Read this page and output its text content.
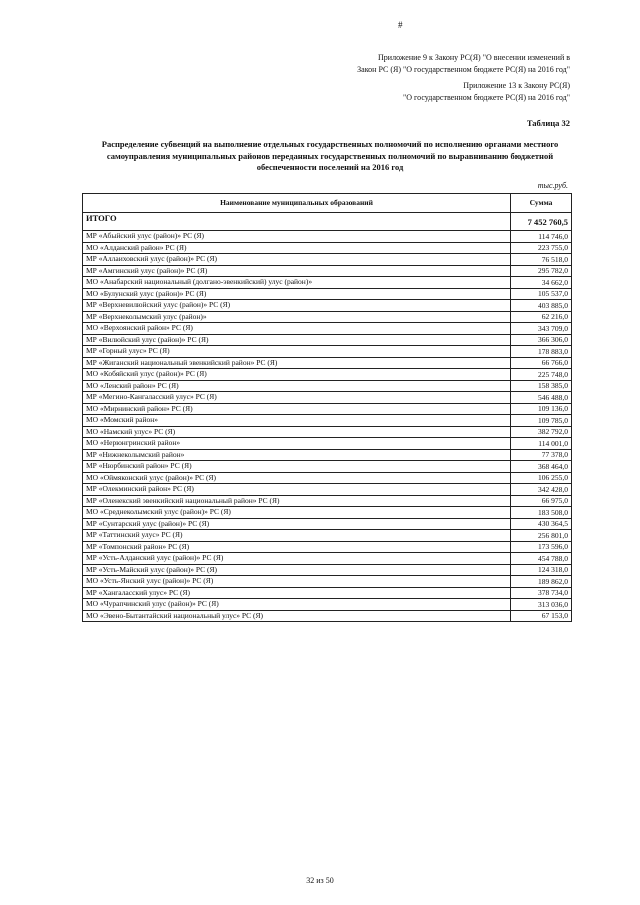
#
Приложение 9 к Закону РС(Я) "О внесении изменений в
Закон РС (Я) "О государственном бюджете РС(Я) на 2016 год"
Приложение 13 к Закону РС(Я)
"О государственном бюджете РС(Я) на 2016 год"
Таблица 32
Распределение субвенций на выполнение отдельных государственных полномочий по исполнению органами местного самоуправления муниципальных районов переданных государственных полномочий по выравниванию бюджетной обеспеченности поселений на 2016 год
тыс.руб.
Наименование муниципальных образований	Сумма
ИТОГО	7 452 760,5
МР «Абыйский улус (район)» РС (Я)	114 746,0
МО «Алданский район» РС (Я)	223 755,0
МР «Аллаиховский улус (район)» РС (Я)	76 518,0
МР «Амгинский улус (район)» РС (Я)	295 782,0
МО «Анабарский национальный (долгано-эвенкийский) улус (район)»	34 662,0
МО «Булунский улус (район)» РС (Я)	105 537,0
МР «Верхневилюйский улус (район)» РС (Я)	403 885,0
МР «Верхнеколымский улус (район)»	62 216,0
МО «Верхоянский район» РС (Я)	343 709,0
МР «Вилюйский улус (район)» РС (Я)	366 306,0
МР «Горный улус» РС (Я)	178 883,0
МР «Жиганский национальный эвенкийский район» РС (Я)	66 766,0
МО «Кобяйский улус (район)» РС (Я)	225 748,0
МО «Ленский район» РС (Я)	158 385,0
МР «Мегино-Кангаласский улус» РС (Я)	546 488,0
МО «Мирнинский район» РС (Я)	109 136,0
МО «Момский район»	109 785,0
МО «Намский улус» РС (Я)	382 792,0
МО «Нерюнгринский район»	114 001,0
МР «Нижнеколымский район»	77 378,0
МР «Нюрбинский район» РС (Я)	368 464,0
МО «Оймяконский улус (район)» РС (Я)	106 255,0
МР «Олекминский район» РС (Я)	342 428,0
МР «Оленекский эвенкийский национальный район» РС (Я)	66 975,0
МО «Среднеколымский улус (район)» РС (Я)	183 508,0
МР «Сунтарский улус (район)» РС (Я)	430 364,5
МР «Таттинский улус» РС (Я)	256 801,0
МР «Томпонский район» РС (Я)	173 596,0
МР «Усть-Алданский улус (район)» РС (Я)	454 788,0
МР «Усть-Майский улус (район)» РС (Я)	124 318,0
МО «Усть-Янский улус (район)» РС (Я)	189 862,0
МР «Хангаласский улус» РС (Я)	378 734,0
МО «Чурапчинский улус (район)» РС (Я)	313 036,0
МО «Эвено-Бытантайский национальный улус» РС (Я)	67 153,0
32 из 50
